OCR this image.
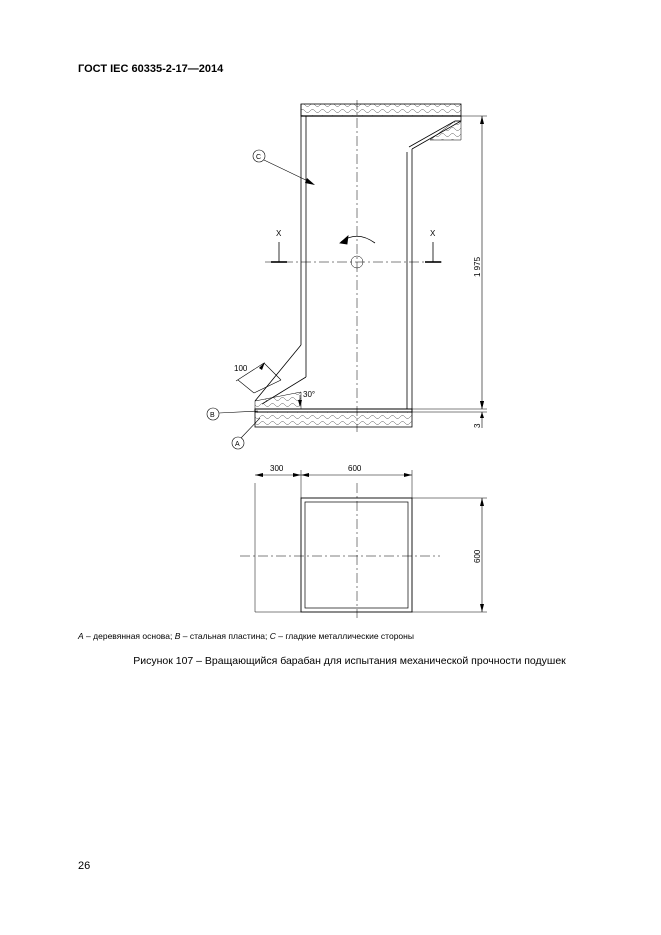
ГОСТ IEC 60335-2-17—2014
X	X
1 975
3
C
B
A
100
30°
300	600
600
A – деревянная основа; B – стальная пластина; C – гладкие металлические стороны
Рисунок 107 – Вращающийся барабан для испытания механической прочности подушек
26
